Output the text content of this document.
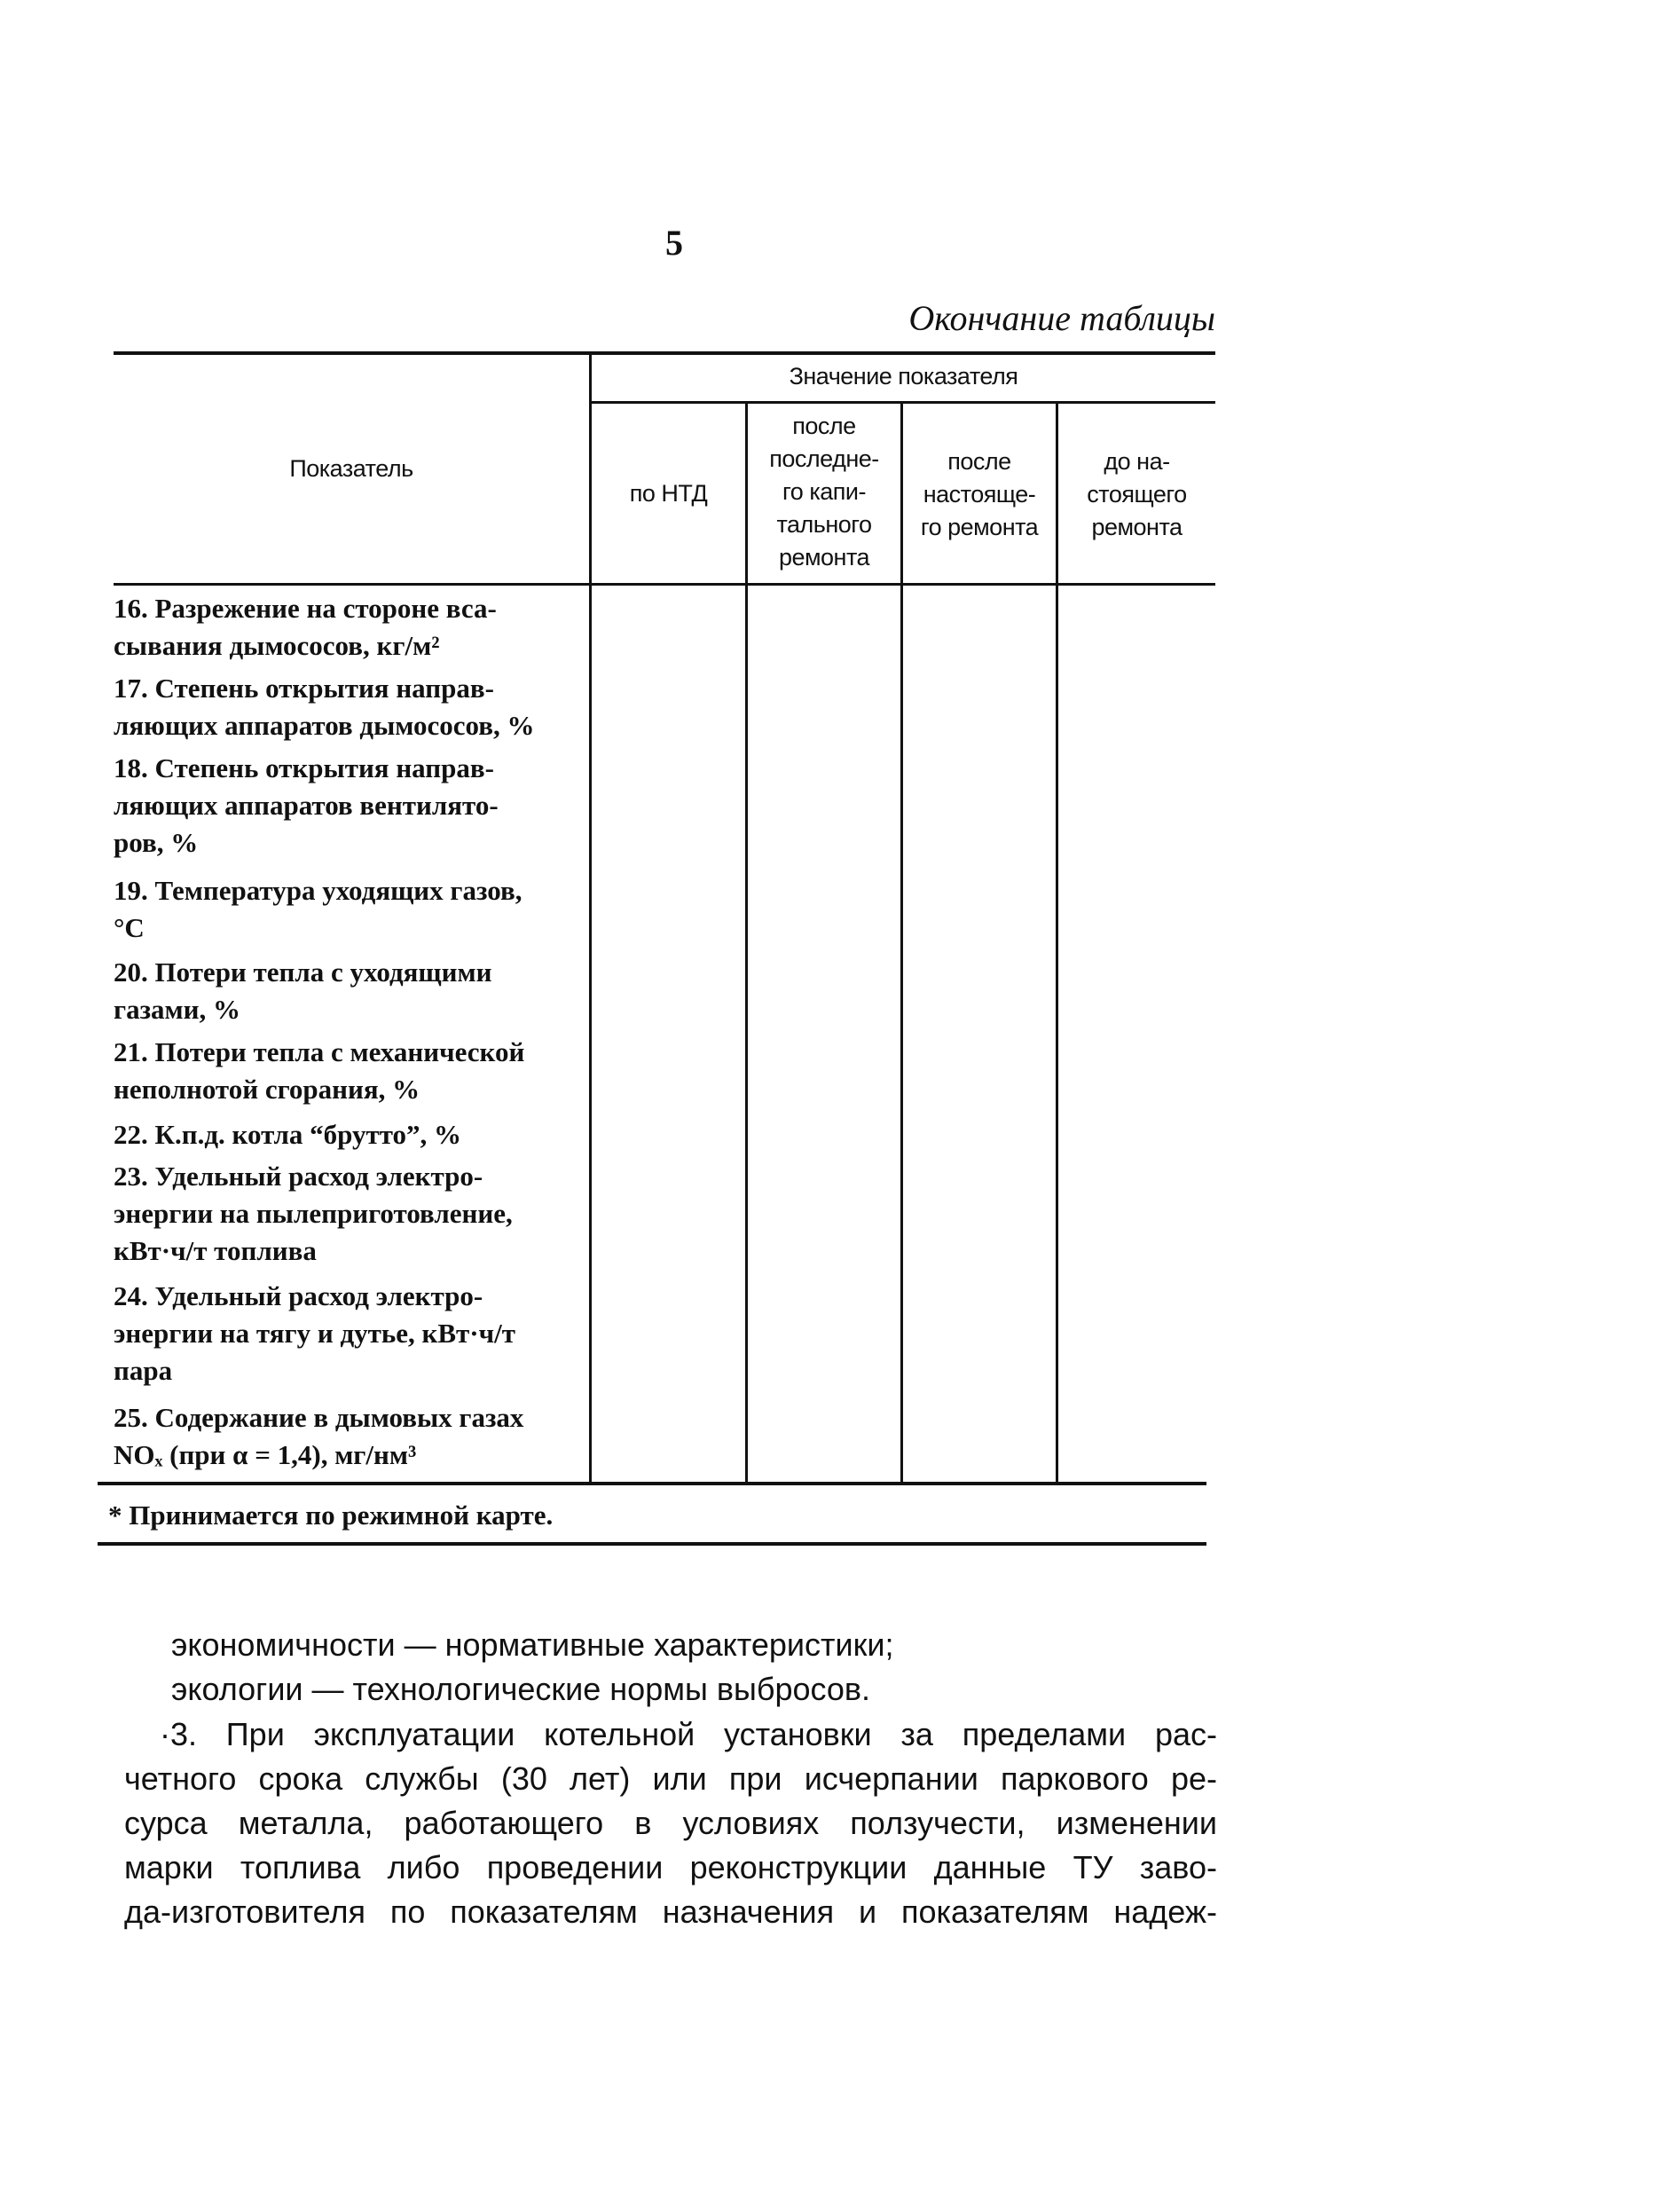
5
Окончание таблицы
Показатель
Значение показателя
по НТД
после
последне-
го капи-
тального
ремонта
после
настояще-
го ремонта
до на-
стоящего
ремонта
16. Разрежение на стороне вса-
сывания дымососов, кг/м²
17. Степень открытия направ-
ляющих аппаратов дымососов, %
18. Степень открытия направ-
ляющих аппаратов вентилято-
ров, %
19. Температура уходящих газов,
°С
20. Потери тепла с уходящими
газами, %
21. Потери тепла с механической
неполнотой сгорания, %
22. К.п.д. котла “брутто”, %
23. Удельный расход электро-
энергии на пылеприготовление,
кВт·ч/т топлива
24. Удельный расход электро-
энергии на тягу и дутье, кВт·ч/т
пара
25. Содержание в дымовых газах
NOₓ (при α = 1,4), мг/нм³
* Принимается по режимной карте.
экономичности — нормативные характеристики;
экологии — технологические нормы выбросов.
·3. При эксплуатации котельной установки за пределами рас-
четного срока службы (30 лет) или при исчерпании паркового ре-
сурса металла, работающего в условиях ползучести, изменении
марки топлива либо проведении реконструкции данные ТУ заво-
да-изготовителя по показателям назначения и показателям надеж-
